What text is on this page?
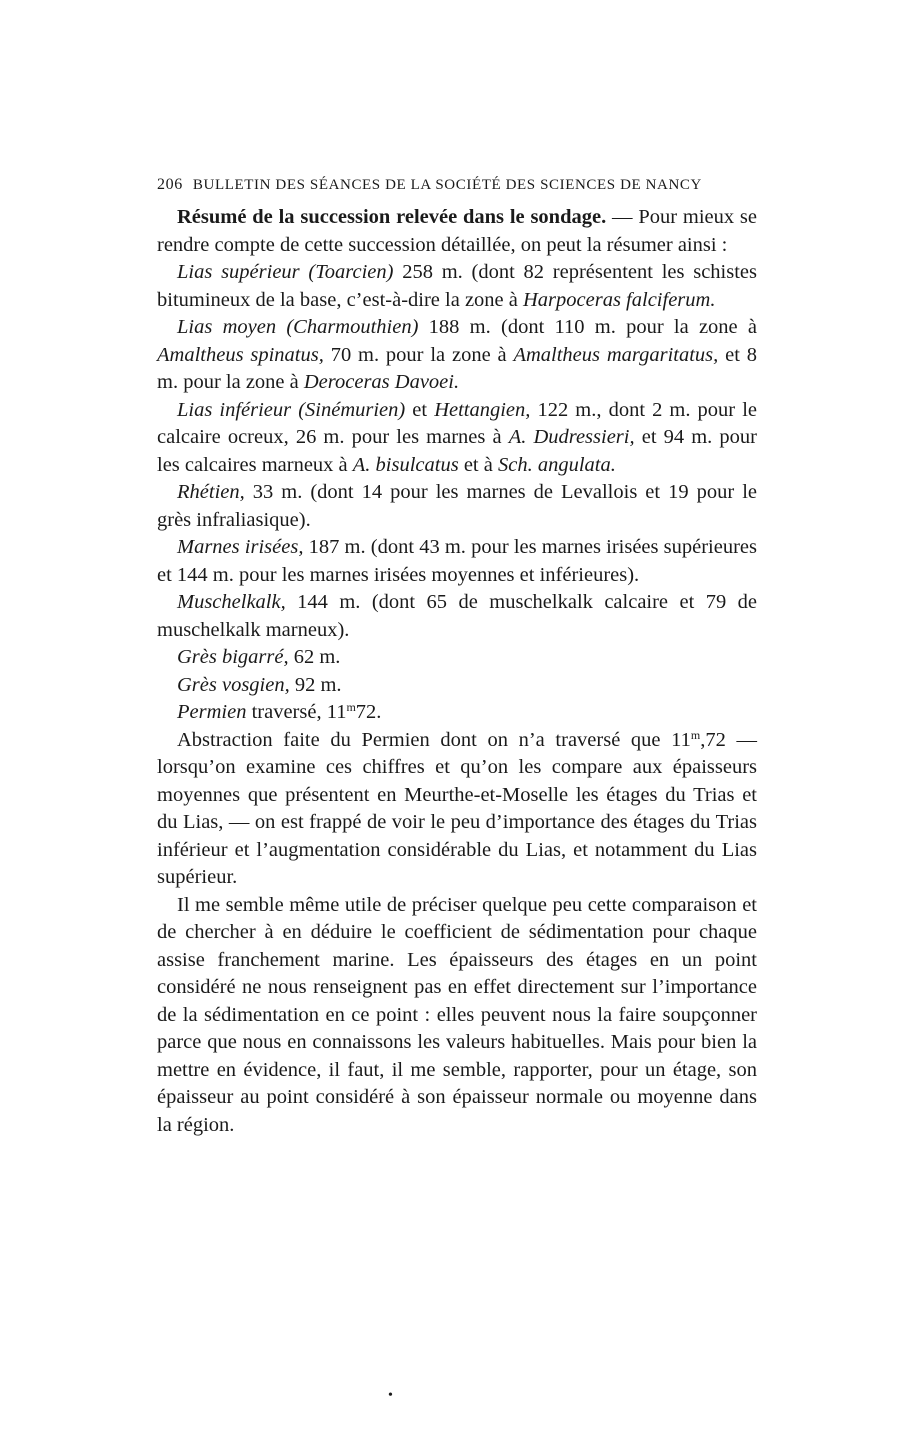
206 BULLETIN DES SÉANCES DE LA SOCIÉTÉ DES SCIENCES DE NANCY

Résumé de la succession relevée dans le sondage. — Pour mieux se rendre compte de cette succession détaillée, on peut la résumer ainsi :

Lias supérieur (Toarcien) 258 m. (dont 82 représentent les schistes bitumineux de la base, c’est-à-dire la zone à Harpoceras falciferum.

Lias moyen (Charmouthien) 188 m. (dont 110 m. pour la zone à Amaltheus spinatus, 70 m. pour la zone à Amaltheus margaritatus, et 8 m. pour la zone à Deroceras Davoei.

Lias inférieur (Sinémurien) et Hettangien, 122 m., dont 2 m. pour le calcaire ocreux, 26 m. pour les marnes à A. Dudressieri, et 94 m. pour les calcaires marneux à A. bisulcatus et à Sch. angulata.

Rhétien, 33 m. (dont 14 pour les marnes de Levallois et 19 pour le grès infraliasique).

Marnes irisées, 187 m. (dont 43 m. pour les marnes irisées supérieures et 144 m. pour les marnes irisées moyennes et inférieures).

Muschelkalk, 144 m. (dont 65 de muschelkalk calcaire et 79 de muschelkalk marneux).

Grès bigarré, 62 m.

Grès vosgien, 92 m.

Permien traversé, 11$^m$72.

Abstraction faite du Permien dont on n’a traversé que 11$^m$,72 — lorsqu’on examine ces chiffres et qu’on les compare aux épaisseurs moyennes que présentent en Meurthe-et-Moselle les étages du Trias et du Lias, — on est frappé de voir le peu d’importance des étages du Trias inférieur et l’augmentation considérable du Lias, et notamment du Lias supérieur.

Il me semble même utile de préciser quelque peu cette comparaison et de chercher à en déduire le coefficient de sédimentation pour chaque assise franchement marine. Les épaisseurs des étages en un point considéré ne nous renseignent pas en effet directement sur l’importance de la sédimentation en ce point : elles peuvent nous la faire soupçonner parce que nous en connaissons les valeurs habituelles. Mais pour bien la mettre en évidence, il faut, il me semble, rapporter, pour un étage, son épaisseur au point considéré à son épaisseur normale ou moyenne dans la région.

•
